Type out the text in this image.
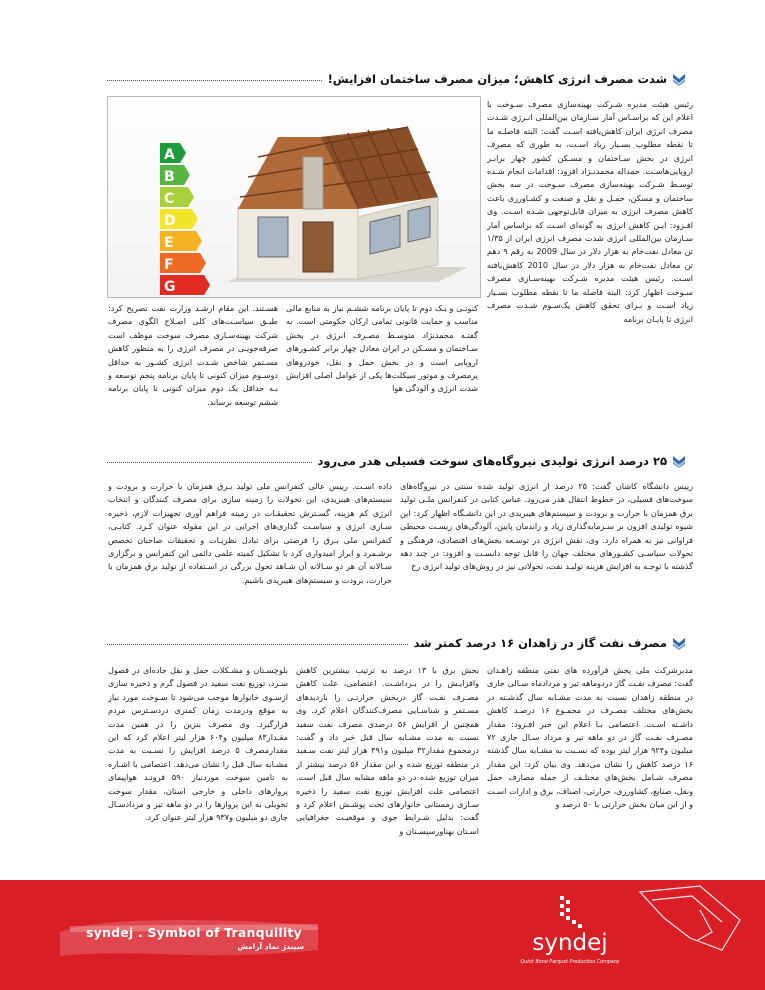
شدت مصرف انرژی کاهش؛ میزان مصرف ساختمان افزایش!
A
B
C
D
E
F
G
رئیس هیئت مدیره شـرکت بهینه‌سازی مصرف سـوخت با اعلام این که براسـاس آمار سـازمان بین‌المللی انـرژی شـدت مصرف انرژی ایران کاهش‌یافته اسـت گفت: البته فاصلـه ما تا نقطه مطلوب بسـیار زیاد اسـت، به طوری که مصرف انرژی در بخش سـاختمان و مسـکن کشور چهار برابـر اروپایی‌هاسـت. حمداله محمدنـژاد افزود: اقدامات انجام شـده توسـط شـرکت بهینه‌سازی مصرف سـوخت در سه بخش ساختمان و مسکن، حمـل و نقل و صنعت و کشـاورزی باعث کاهش مصرف انرژی به میزان قابل‌توجهی شـده اسـت. وی افـزود: ایـن کاهش انرژی به گونه‌ای اسـت که براساس آمار سـازمان بین‌المللی انرژی شدت مصرف انرژی ایران از ۱/۳۵ تن معادل نفت‌خام به هزار دلار در سال 2009 به رقم ۹ دهم تن معادل نفت‌خام به هزار دلار در سال 2010 کاهش‌یافته اسـت. رئیس هیئت مدیره شـرکت بهینه‌سـازی مصرف سـوخت اظهار کرد: البته فاصله ما تا نقطه مطلوب بسـیار زیاد اسـت و بـرای تحقق کاهش یک‌سـوم شـدت مصرف انرژی تا پایـان برنامه
کنونـی و یـک دوم تا پایان برنامه ششـم نیاز به منابع مالی مناسب و حمایت قانونی تمامی ارکان حکومتی است. به گفتـه محمدنژاد متوسـط مصـرف انرژی در بخش سـاختمان و مسـکن در ایران معادل چهار برابر کشـورهای اروپایی است و در بخش حمل و نقل، خودروهای پرمصرف و موتور سیکلت‌ها یکی از عوامل اصلی افزایش شدت انرژی و آلودگی هوا
هسـتند. این مقام ارشـد وزارت نفت تصریح کرد: طبـق سیاسـت‌های کلی اصـلاح الگوی مصرف شرکت بهینه‌سـازی مصرف سوخت موظف است صرفه‌جویـی در مصرف انرژی را به منظور کاهش مسـتمر شاخص شـدت انرژی کشـور به حداقل دوسـوم میزان کنونی تا پایان برنامه پنجم توسعه و بـه حداقل یک دوم میزان کنونی تا پایان برنامه ششم توسعه برساند.
۲۵ درصد انرژی تولیدی نیروگاه‌های سوخت فسیلی هدر می‌رود
رییس دانشگاه کاشان گفت: ۲۵ درصد از انرژی تولید شده سنتی در نیروگاه‌های سوخت‌های فسیلی، در خطوط انتقال هدر می‌رود. عباس کتابی در کنفرانس ملـی تولید برق همزمان با حرارت و برودت و سیستم‌های هیبریدی در این دانشـگاه اظهار کرد: این شیوه تولیدی افزون بر سـرمایه‌گذاری زیاد و راندمان پایین، آلودگی‌های زیسـت محیطی فراوانی نیز به همراه دارد. وی، نقش انرژی در توسـعه بخش‌های اقتصادی، فرهنگی و تحولات سیاسـی کشـورهای مختلف جهان را قابل توجه دانسـت و افزود: در چند دهه گذشته با توجـه به افزایش هزینه تولیـد نفت، تحولاتی نیز در روش‌های تولید انرژی رخ
داده اسـت. رییس عالی کنفرانس ملی تولید بـرق همزمان با حرارت و برودت و سیستم‌های هیبریدی، این تحولات را زمینه سازی برای مصرف کنندگان و انتخاب انرژی کم هزینه، گسـترش تحقیقـات در زمینه فراهم آوری تجهیزات لازم، ذخیره سـازی انرژی و سیاسـت گذاری‌های اجرایی در این مقوله عنوان کـرد. کتابـی، کنفرانس ملی بـرق را فرصتی برای تبادل نظریـات و تحقیقات صاحبان تخصص برشـمرد و ابراز امیدواری کرد با تشکیل کمیته علمی دائمی این کنفرانس و برگزاری سـالانه آن هر دو سـالانه آن شـاهد تحول بزرگی در اسـتفاده از تولید برق همزمان با حرارت، برودت و سیستم‌های هیبریدی باشیم.
مصرف نفت گاز در زاهدان ۱۶ درصد کمتر شد
مدیرشرکت ملی پخش فرآورده های نفتی منطقه زاهـدان گفت: مصرف نفـت گاز دردوماهه تیر و مرداد‌ماه سـالی جاری در منطقه زاهدان نسبت به مدت مشـابه سال گذشـته در بخش‌های مختلف مصـرف در مجمـوع ۱۶ درصـد کاهش داشـته اسـت. اعتصامی بـا اعلام این خبر افـزود: مقدار مصـرف نفـت گاز در دو ماهه تیر و مرداد سـال جاری ۷۲ میلیون و۹۲۴ هزار لیتر بوده که نسـبت به مشـابه سال گذشته ۱۶ درصد کاهش را نشان می‌دهد. وی بیان کرد: این مقدار مصرف شـامل بخش‌های مختلـف از جمله مصارف حمل ونقل، صنایع، کشاورزی، حرارتی، اصناف، برق و ادارات اسـت و از این میان بخش حرارتی با ۵۰ درصد و
بخش برق با ۱۳ درصد به ترتیب بیشترین کاهش وافزایـش را در بـرداشـت. اعتصامی، علت کاهش مصـرف نفـت گاز دربخش حرارتـی را بازدیدهای مسـتمر و شناسـایی مصرف‌کنندگان اعلام کرد. وی همچنین از افزایش ۵۶ درصدی مصرف نفت سفید نسبت به مدت مشـابه سال قبل خبر داد و گفت: درمجموع مقدار۳۲ میلیون و۴۹۱ هزار لیتر نفت سـفید در منطقه توزیع شده و این مقدار ۵۶ درصد بیشتر از میزان توزیع شده در دو ماهه مشابه سال قبل است. اعتصامی علت افزایش توزیع نفت سفید را ذخیره سـازی زمستانی خانوارهای تحت پوشـش اعلام کرد و گفت: بدلیل شـرایط جوی و موقعیـت جغرافیایی اسـتان بهناورسیسـتان و
بلوچسـتان و مشـکلات حمل و نقل جاده‌ای در فصول سـرد، توزیع نفت سفید در فصول گرم و ذخیره سازی ازسـوی خانوارها موجب می‌شود تا سـوخت مورد نیاز به موقع ودرمدت زمان کمتری دردسـترس مردم قرارگیرد. وی مصرف بنزین را در همین مدت مقـدار۸۳ میلیون و۶۰۴ هزار لیتر اعلام کرد که این مقدارمصرف ۵ درصد افزایش را نسـبت به مدت مشـابه سال قبل را نشان می‌دهد. اعتصامی با اشـاره به تامین سوخت موردنیاز ۵۹۰ فرونـد هواپیمای پروازهای داخلی و خارجی استان، مقدار سوخت تحویلی به این پروازها را در دو ماهه تیر و مردادسـال جاری دو میلیون و۹۳۷ هزار لیتر عنوان کرد.
syndej . Symbol of Tranquility
سیندژ نماد آرامش	syndej
Quick Bond Parquet Production Company
